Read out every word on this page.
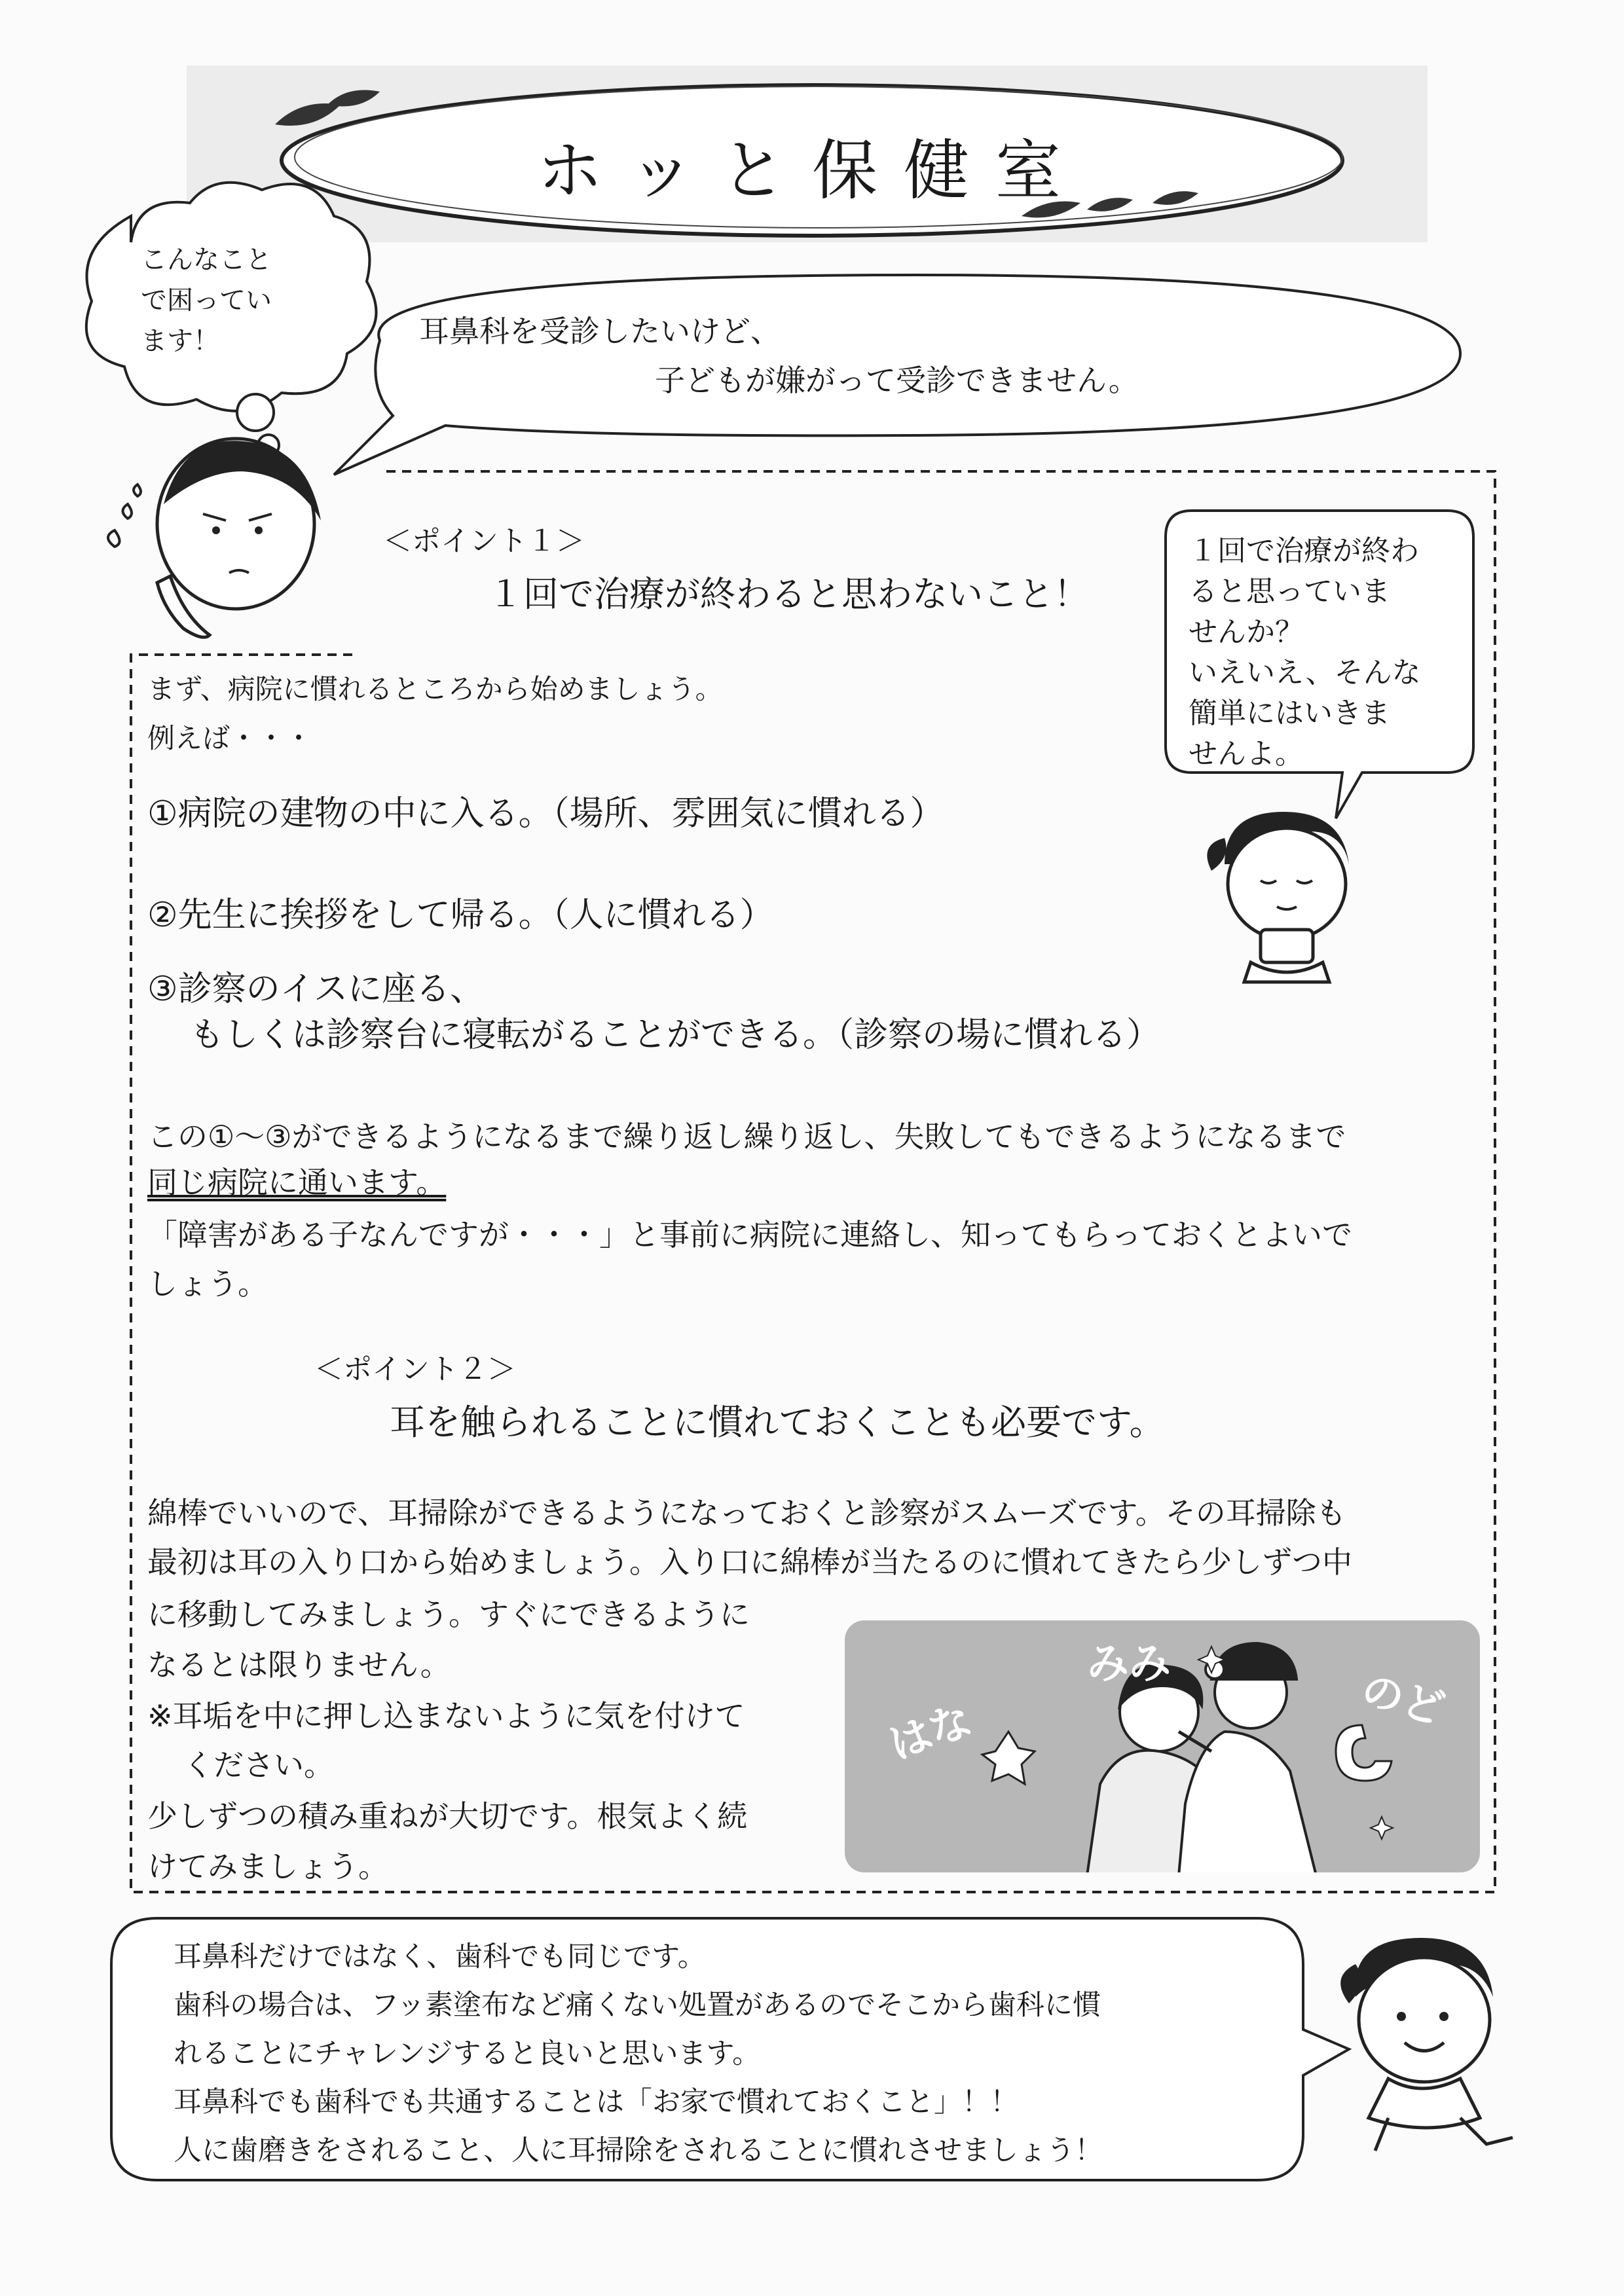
ホッと保健室
こんなこと
で困ってい
ます！	耳鼻科を受診したいけど、
子どもが嫌がって受診できません。
＜ポイント１＞
１回で治療が終わると思わないこと！
まず、病院に慣れるところから始めましょう。
例えば・・・
①病院の建物の中に入る。（場所、雰囲気に慣れる）
②先生に挨拶をして帰る。（人に慣れる）
③診察のイスに座る、
もしくは診察台に寝転がることができる。（診察の場に慣れる）
この①～③ができるようになるまで繰り返し繰り返し、失敗してもできるようになるまで
同じ病院に通います。
「障害がある子なんですが・・・」と事前に病院に連絡し、知ってもらっておくとよいで
しょう。
１回で治療が終わ
ると思っていま
せんか？
いえいえ、そんな
簡単にはいきま
せんよ。
＜ポイント２＞
耳を触られることに慣れておくことも必要です。
綿棒でいいので、耳掃除ができるようになっておくと診察がスムーズです。その耳掃除も
最初は耳の入り口から始めましょう。入り口に綿棒が当たるのに慣れてきたら少しずつ中
に移動してみましょう。すぐにできるように
なるとは限りません。
※耳垢を中に押し込まないように気を付けて
ください。
少しずつの積み重ねが大切です。根気よく続
けてみましょう。
はな
みみ
のど
耳鼻科だけではなく、歯科でも同じです。
歯科の場合は、フッ素塗布など痛くない処置があるのでそこから歯科に慣
れることにチャレンジすると良いと思います。
耳鼻科でも歯科でも共通することは「お家で慣れておくこと」！！
人に歯磨きをされること、人に耳掃除をされることに慣れさせましょう！
